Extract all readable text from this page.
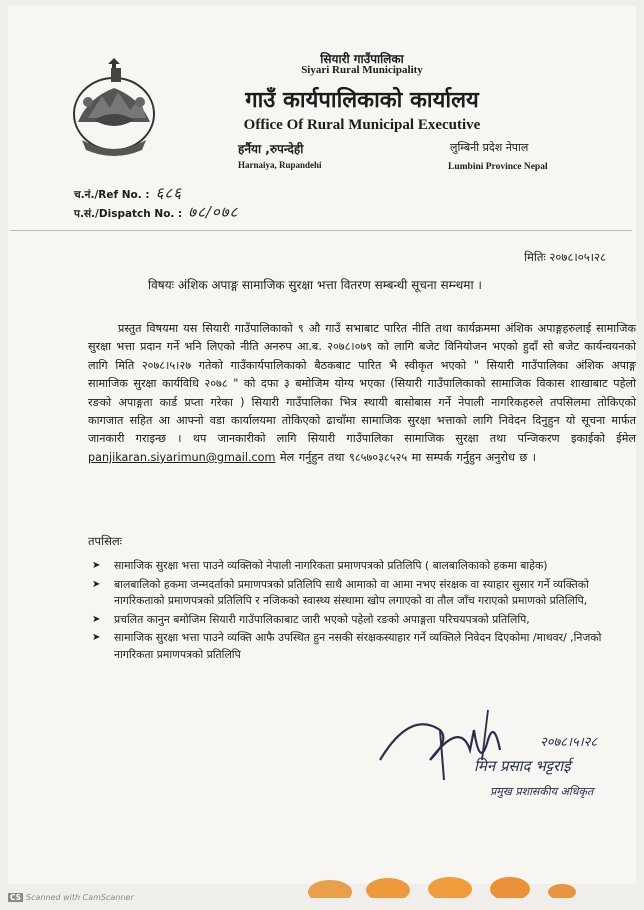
सियारी गाउँपालिका
Siyari Rural Municipality
गाउँ कार्यपालिकाको कार्यालय
Office Of Rural Municipal Executive
हर्नैया ,रुपन्देही
Harnaiya, Rupandehi
लुम्बिनी प्रदेश नेपाल
Lumbini Province Nepal
च.नं./Ref No. : ६८६
प.सं./Dispatch No. : ७८/०७८
मितिः २०७८।०५।२८
विषयः अंशिक अपाङ्ग सामाजिक सुरक्षा भत्ता वितरण सम्बन्धी सूचना सम्न्धमा ।

प्रस्तुत विषयमा यस सियारी गाउँपालिकाको ९ औ गाउँ सभाबाट पारित नीति तथा कार्यक्रममा अंशिक अपाङ्गहरुलाई सामाजिक सुरक्षा भत्ता प्रदान गर्ने भनि लिएको नीति अनरुप आ.ब. २०७८।०७९ को लागि बजेट विनियोजन भएको हुदाँ सो बजेट कार्यन्वयनको लागि मिति २०७८।५।२७ गतेको गाउँकार्यपालिकाको बैठकबाट पारित भै स्वीकृत भएको " सियारी गाउँपालिका अंशिक अपाङ्ग सामाजिक सुरक्षा कार्यविधि २०७८ " को दफा ३ बमोजिम योग्य भएका (सियारी गाउँपालिकाको सामाजिक विकास शाखाबाट पहेलो रङको अपाङ्गता कार्ड प्रप्ता गरेका ) सियारी गाउँपालिका भित्र स्थायी बासोबास गर्ने नेपाली नागरिकहरुले तपसिलमा तोकिएको कागजात सहित आ आफ्नो वडा कार्यालयमा तोकिएको ढाचाँमा सामाजिक सुरक्षा भत्ताको लागि निवेदन दिनुहुन यो सूचना मार्फत जानकारी गराइन्छ । थप जानकारीको लागि सियारी गाउँपालिका सामाजिक सुरक्षा तथा पन्जिकरण इकाईको ईमेल panjikaran.siyarimun@gmail.com मेल गर्नुहुन तथा ९८५७०३८५२५ मा सम्पर्क गर्नुहुन अनुरोध छ ।

तपसिलः
➤ सामाजिक सुरक्षा भत्ता पाउने व्यक्तिको नेपाली नागरिकता प्रमाणपत्रको प्रतिलिपि ( बालबालिकाको हकमा बाहेक)
➤ बालबालिकाे हकमा जन्मदर्ताको प्रमाणपत्रको प्रतिलिपि साथै आमाको वा आमा नभए संरक्षक वा स्याहार सुसार गर्ने व्यक्तिको नागरिकताको प्रमाणपत्रको प्रतिलिपि र नजिकको स्वास्थ्य संस्थामा खोप लगाएको वा तौल जाँच गराएको प्रमाणको प्रतिलिपि,
➤ प्रचलित कानुन बमोजिम सियारी गाउँपालिकाबाट जारी भएको पहेलो रङको अपाङ्गता परिचयपत्रको प्रतिलिपि,
➤ सामाजिक सुरक्षा भत्ता पाउने व्यक्ति आफै उपस्थित हुन नसकी संरक्षकस्याहार गर्ने व्यक्तिले निवेदन दिएकोमा /माथवर/ ,निजको नागरिकता प्रमाणपत्रको प्रतिलिपि
२०७८।५।२८
मिन प्रसाद भट्टराई
प्रमुख प्रशासकीय अधिकृत
CS Scanned with CamScanner
